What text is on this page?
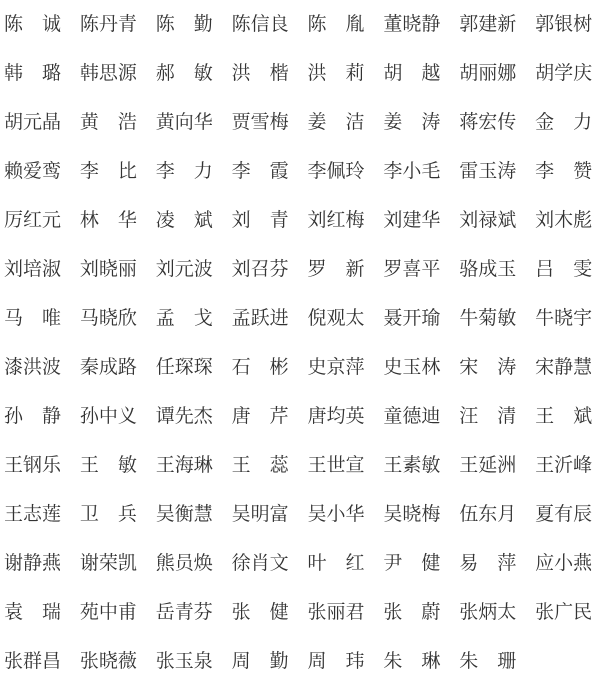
陈 诚 陈 丹 青 陈 勤 陈 信 良 陈 胤 董 晓 静 郭 建 新 郭 银 树
韩 璐 韩 思 源 郝 敏 洪 楷 洪 莉 胡 越 胡 丽 娜 胡 学 庆
胡 元 晶 黄 浩 黄 向 华 贾 雪 梅 姜 洁 姜 涛 蒋 宏 传 金 力
赖 爱 鸾 李 比 李 力 李 霞 李 佩 玲 李 小 毛 雷 玉 涛 李 赞
厉 红 元 林 华 凌 斌 刘 青 刘 红 梅 刘 建 华 刘 禄 斌 刘 木 彪
刘 培 淑 刘 晓 丽 刘 元 波 刘 召 芬 罗 新 罗 喜 平 骆 成 玉 吕 雯
马 唯 马 晓 欣 孟 戈 孟 跃 进 倪 观 太 聂 开 瑜 牛 菊 敏 牛 晓 宇
漆 洪 波 秦 成 路 任 琛 琛 石 彬 史 京 萍 史 玉 林 宋 涛 宋 静 慧
孙 静 孙 中 义 谭 先 杰 唐 芹 唐 均 英 童 德 迪 汪 清 王 斌
王 钢 乐 王 敏 王 海 琳 王 蕊 王 世 宣 王 素 敏 王 延 洲 王 沂 峰
王 志 莲 卫 兵 吴 衡 慧 吴 明 富 吴 小 华 吴 晓 梅 伍 东 月 夏 有 辰
谢 静 燕 谢 荣 凯 熊 员 焕 徐 肖 文 叶 红 尹 健 易 萍 应 小 燕
袁 瑞 苑 中 甫 岳 青 芬 张 健 张 丽 君 张 蔚 张 炳 太 张 广 民
张 群 昌 张 晓 薇 张 玉 泉 周 勤 周 玮 朱 琳 朱 珊
